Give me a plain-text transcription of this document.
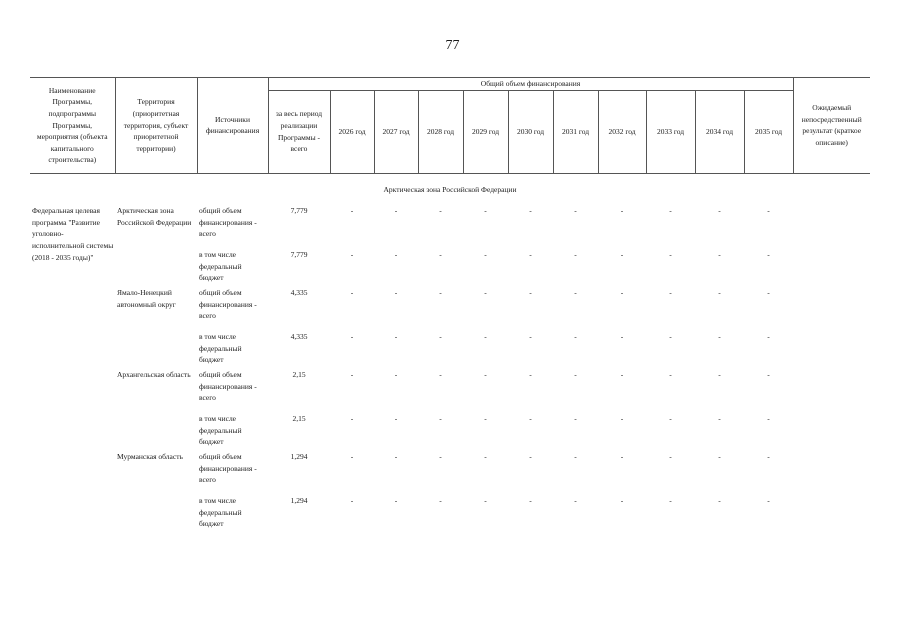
77
Наименование Программы, подпрограммы Программы, мероприятия (объекта капитального строительства)	Территория (приоритетная территория, субъект приоритетной территории)	Источники финансирования	Общий объем финансирования											Ожидаемый непосредственный результат (краткое описание)
			за весь период реализации Программы - всего	2026 год	2027 год	2028 год	2029 год	2030 год	2031 год	2032 год	2033 год	2034 год	2035 год	
Арктическая зона Российской Федерации														
Федеральная целевая программа "Развитие уголовно-исполнительной системы (2018 - 2035 годы)"	Арктическая зона Российской Федерации	общий объем финансирования - всего	7,779	-	-	-	-	-	-	-	-	-	-	
		в том числе федеральный бюджет	7,779	-	-	-	-	-	-	-	-	-	-	
	Ямало-Ненецкий автономный округ	общий объем финансирования - всего	4,335	-	-	-	-	-	-	-	-	-	-	
		в том числе федеральный бюджет	4,335	-	-	-	-	-	-	-	-	-	-	
	Архангельская область	общий объем финансирования - всего	2,15	-	-	-	-	-	-	-	-	-	-	
		в том числе федеральный бюджет	2,15	-	-	-	-	-	-	-	-	-	-	
	Мурманская область	общий объем финансирования - всего	1,294	-	-	-	-	-	-	-	-	-	-	
		в том числе федеральный бюджет	1,294	-	-	-	-	-	-	-	-	-	-	
